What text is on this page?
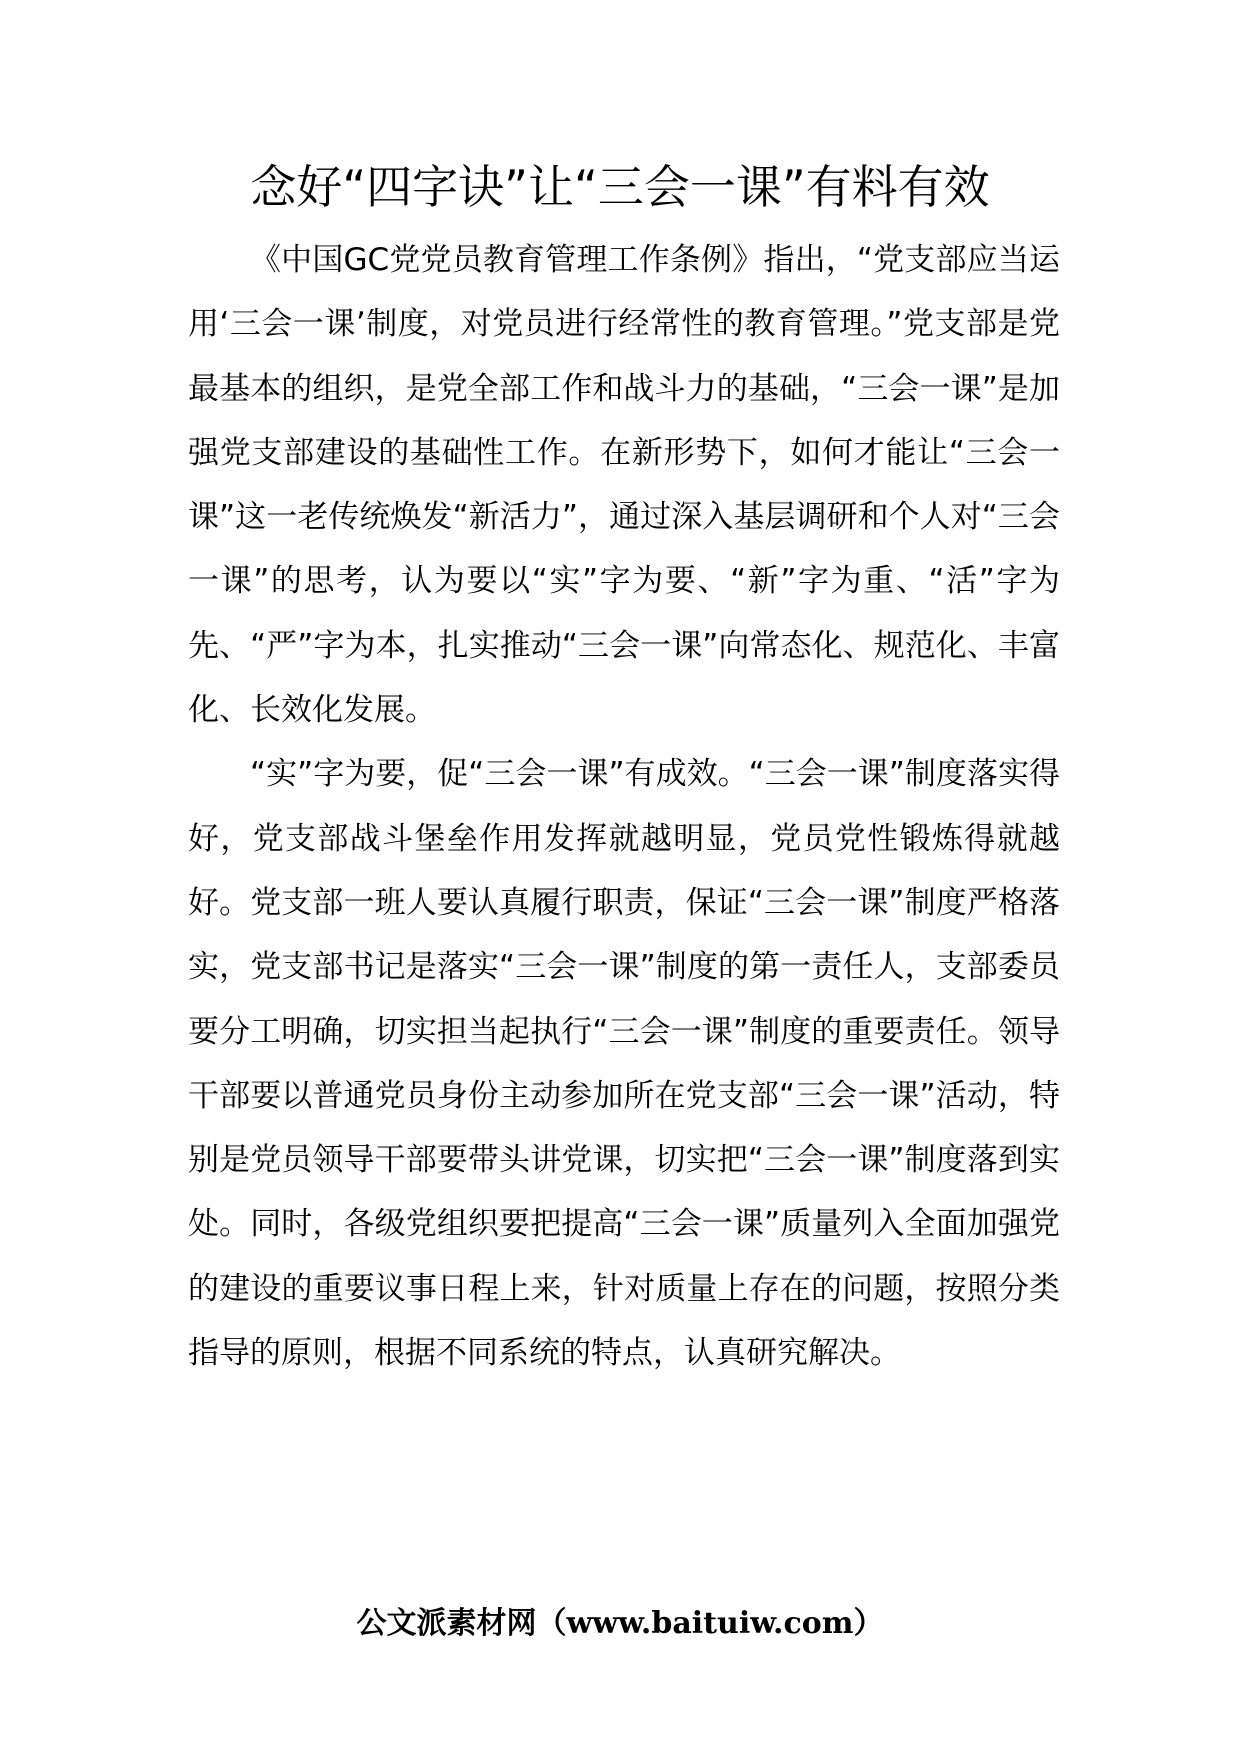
念好“四字诀”让“三会一课”有料有效

《中国GC党党员教育管理工作条例》指出，“党支部应当运用‘三会一课’制度，对党员进行经常性的教育管理。”党支部是党最基本的组织，是党全部工作和战斗力的基础，“三会一课”是加强党支部建设的基础性工作。在新形势下，如何才能让“三会一课”这一老传统焕发“新活力”，通过深入基层调研和个人对“三会一课”的思考，认为要以“实”字为要、“新”字为重、“活”字为先、“严”字为本，扎实推动“三会一课”向常态化、规范化、丰富化、长效化发展。

“实”字为要，促“三会一课”有成效。“三会一课”制度落实得好，党支部战斗堡垒作用发挥就越明显，党员党性锻炼得就越好。党支部一班人要认真履行职责，保证“三会一课”制度严格落实，党支部书记是落实“三会一课”制度的第一责任人，支部委员要分工明确，切实担当起执行“三会一课”制度的重要责任。领导干部要以普通党员身份主动参加所在党支部“三会一课”活动，特别是党员领导干部要带头讲党课，切实把“三会一课”制度落到实处。同时，各级党组织要把提高“三会一课”质量列入全面加强党的建设的重要议事日程上来，针对质量上存在的问题，按照分类指导的原则，根据不同系统的特点，认真研究解决。

公文派素材网（www.baituiw.com）
